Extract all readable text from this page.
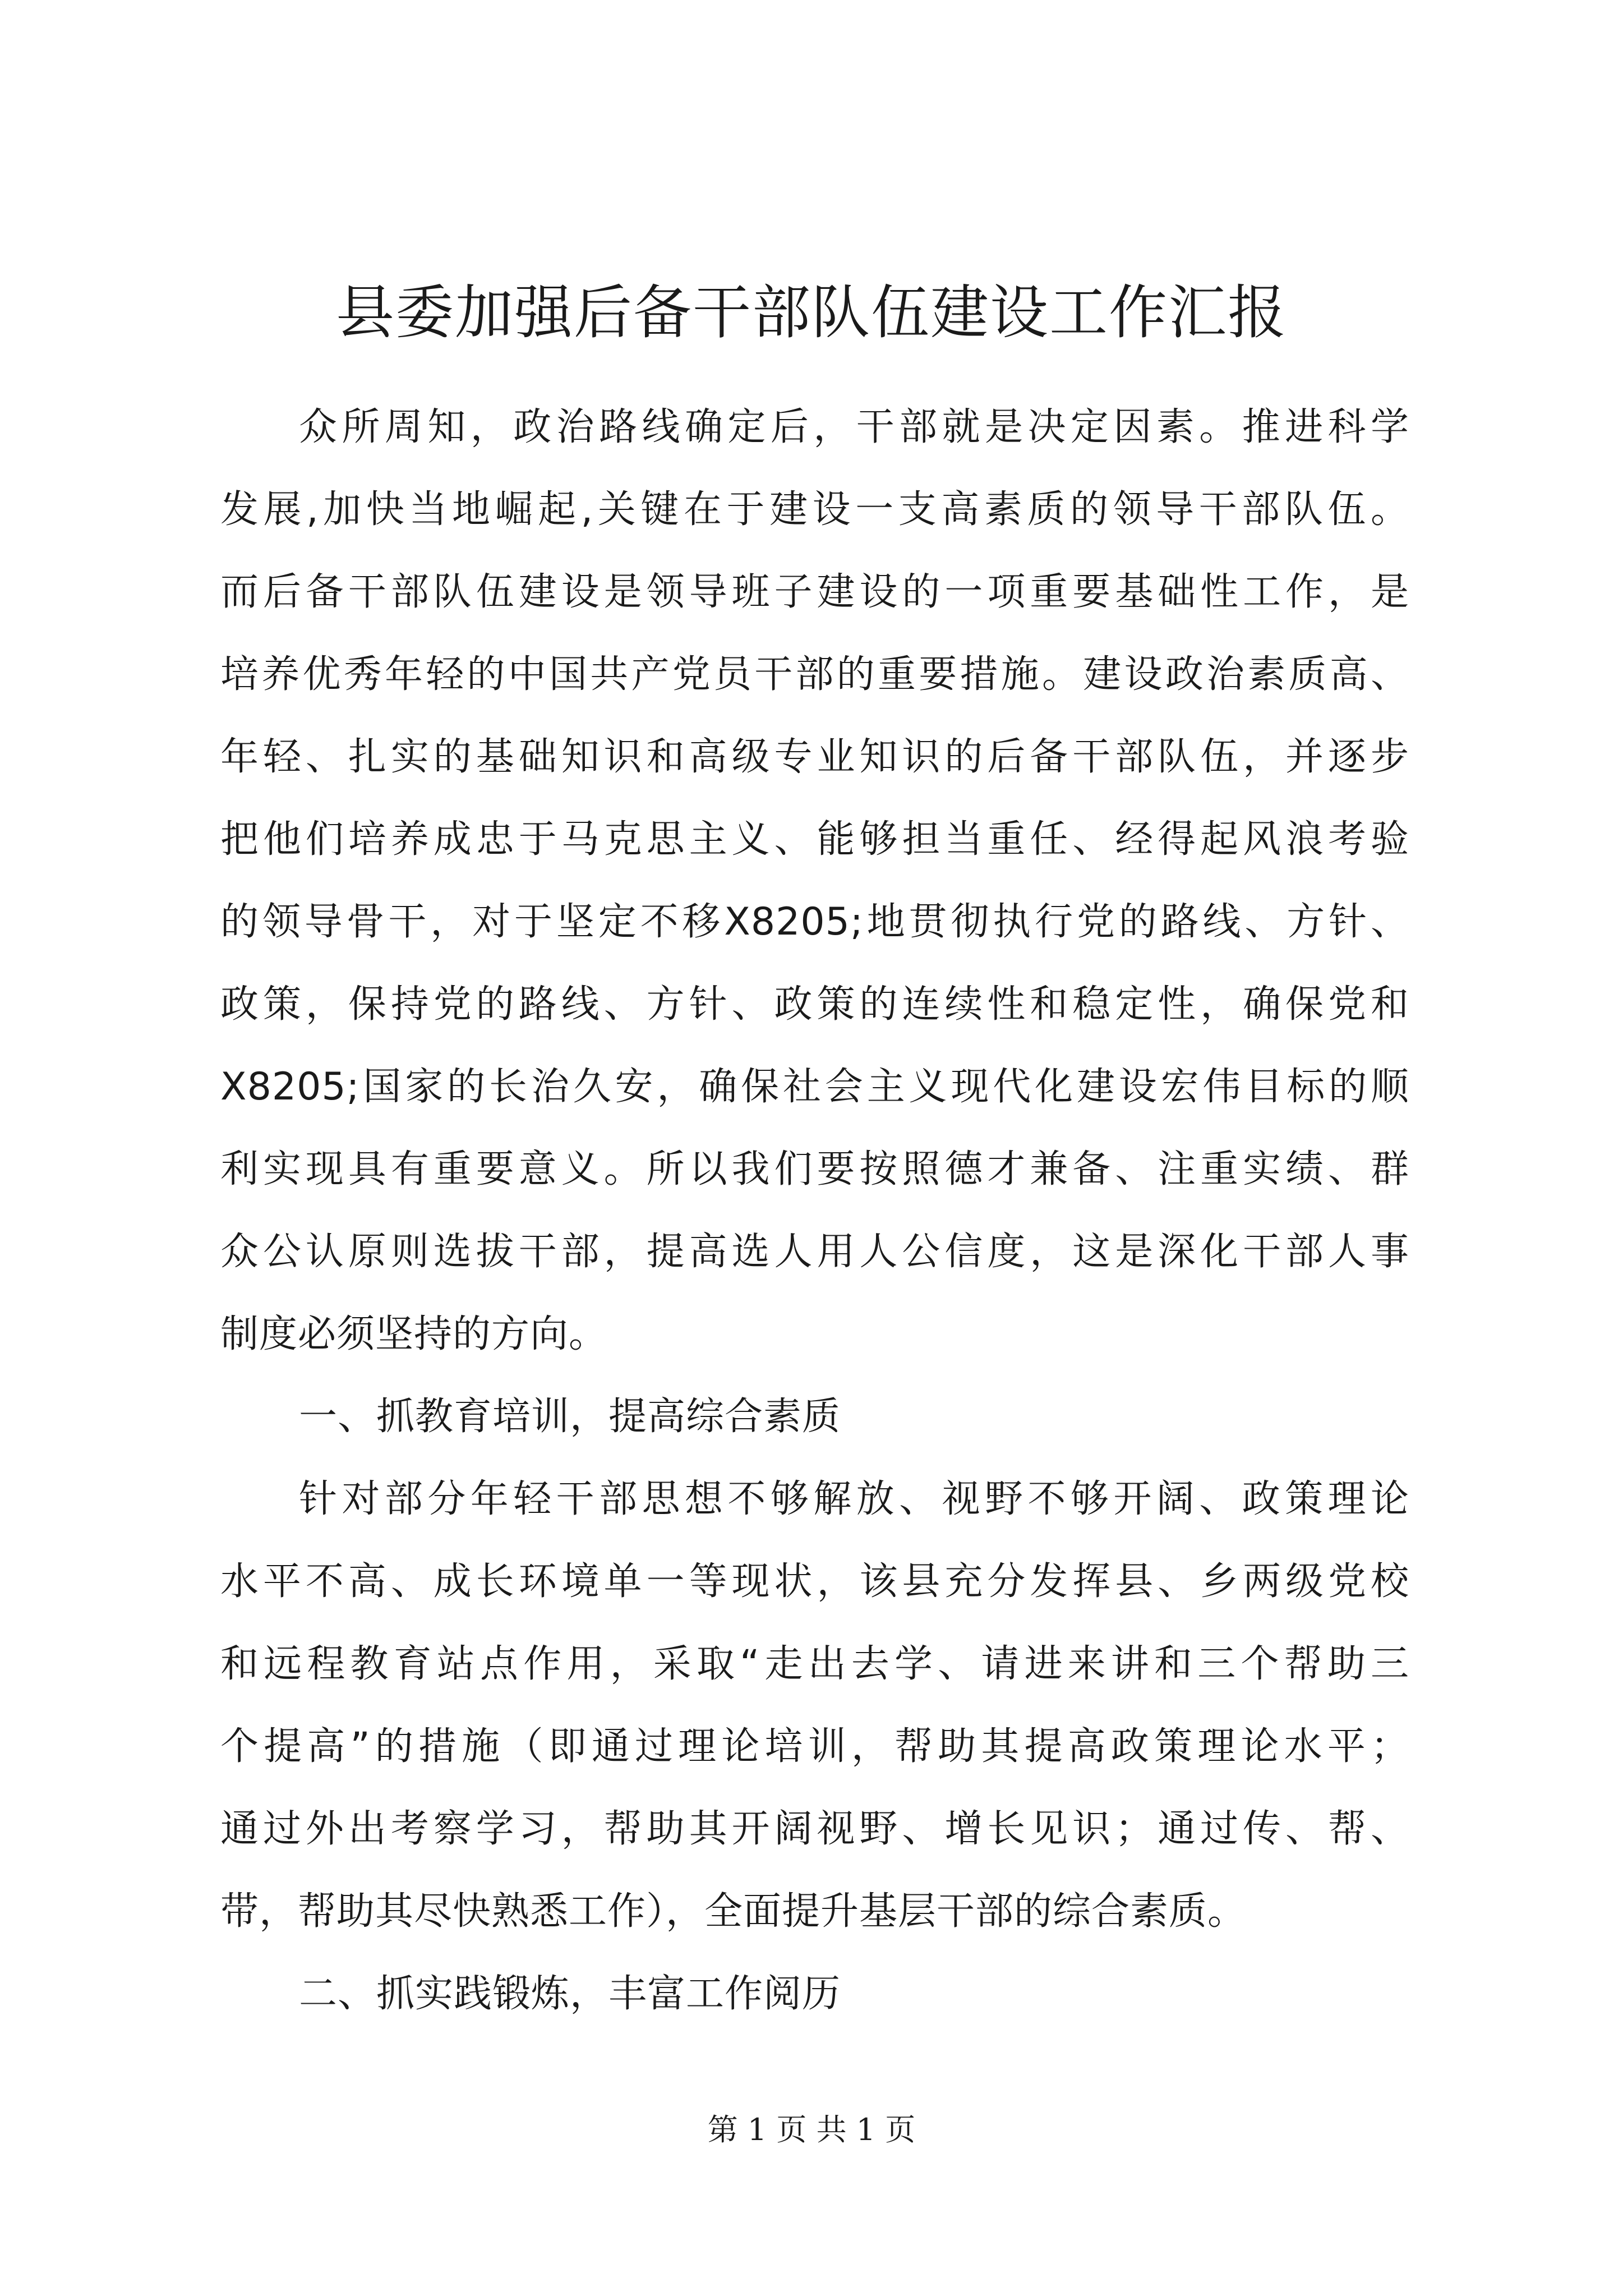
县委加强后备干部队伍建设工作汇报
众所周知，政治路线确定后，干部就是决定因素。推进科学
发展,加快当地崛起,关键在于建设一支高素质的领导干部队伍。
而后备干部队伍建设是领导班子建设的一项重要基础性工作，是
培养优秀年轻的中国共产党员干部的重要措施。建设政治素质高、
年轻、扎实的基础知识和高级专业知识的后备干部队伍，并逐步
把他们培养成忠于马克思主义、能够担当重任、经得起风浪考验
的领导骨干，对于坚定不移X8205;地贯彻执行党的路线、方针、
政策，保持党的路线、方针、政策的连续性和稳定性，确保党和
X8205;国家的长治久安，确保社会主义现代化建设宏伟目标的顺
利实现具有重要意义。所以我们要按照德才兼备、注重实绩、群
众公认原则选拔干部，提高选人用人公信度，这是深化干部人事
制度必须坚持的方向。
一、抓教育培训，提高综合素质
针对部分年轻干部思想不够解放、视野不够开阔、政策理论
水平不高、成长环境单一等现状，该县充分发挥县、乡两级党校
和远程教育站点作用，采取“走出去学、请进来讲和三个帮助三
个提高”的措施（即通过理论培训，帮助其提高政策理论水平；
通过外出考察学习，帮助其开阔视野、增长见识；通过传、帮、
带，帮助其尽快熟悉工作），全面提升基层干部的综合素质。
二、抓实践锻炼，丰富工作阅历
第 1 页 共 1 页
